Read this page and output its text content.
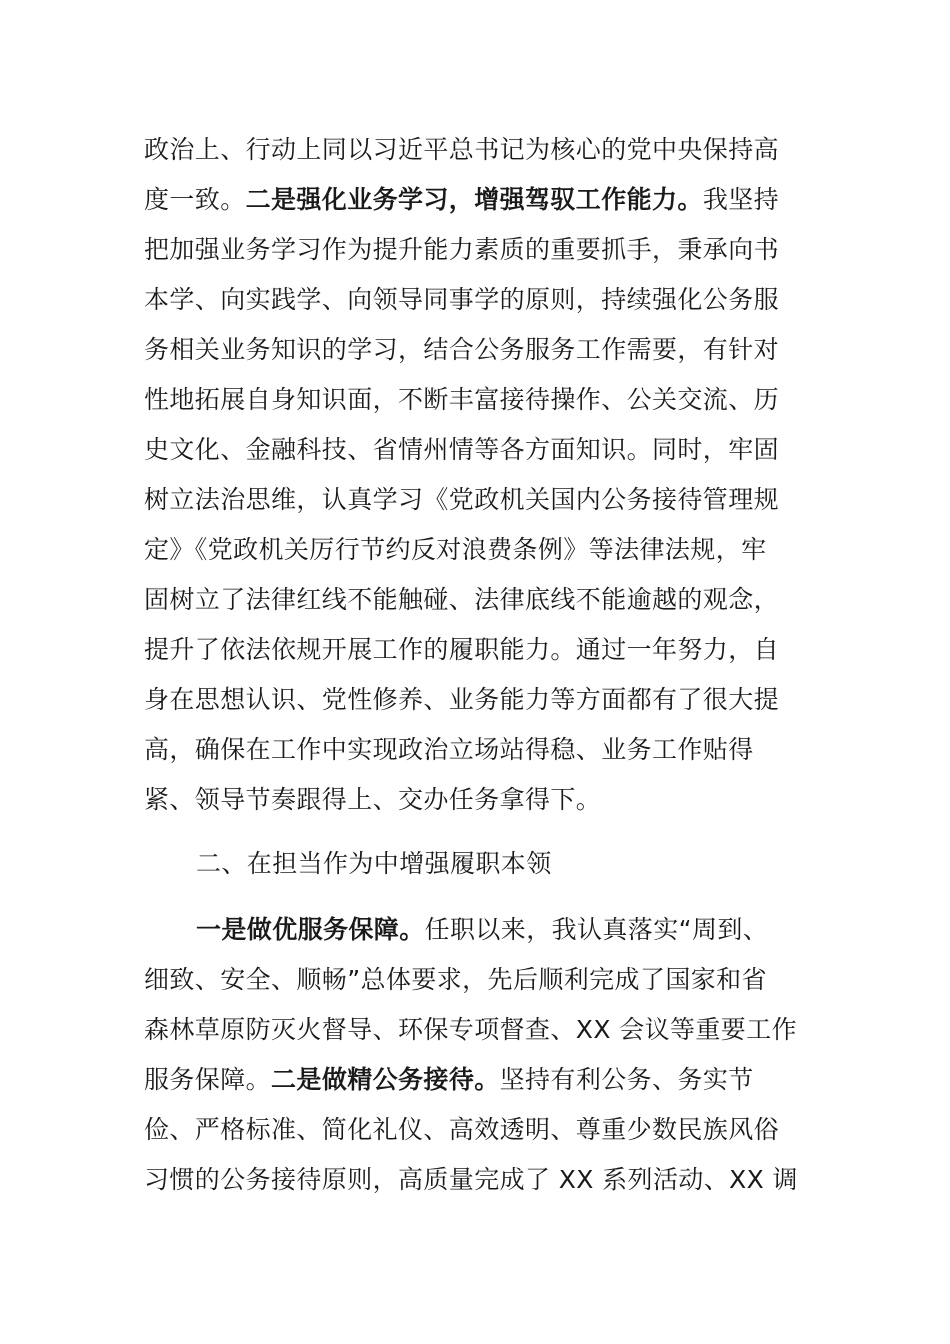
政治上、行动上同以习近平总书记为核心的党中央保持高
度一致。二是强化业务学习，增强驾驭工作能力。我坚持
把加强业务学习作为提升能力素质的重要抓手，秉承向书
本学、向实践学、向领导同事学的原则，持续强化公务服
务相关业务知识的学习，结合公务服务工作需要，有针对
性地拓展自身知识面，不断丰富接待操作、公关交流、历
史文化、金融科技、省情州情等各方面知识。同时，牢固
树立法治思维，认真学习《党政机关国内公务接待管理规
定》《党政机关厉行节约反对浪费条例》等法律法规，牢
固树立了法律红线不能触碰、法律底线不能逾越的观念，
提升了依法依规开展工作的履职能力。通过一年努力，自
身在思想认识、党性修养、业务能力等方面都有了很大提
高，确保在工作中实现政治立场站得稳、业务工作贴得
紧、领导节奏跟得上、交办任务拿得下。
二、在担当作为中增强履职本领
一是做优服务保障。任职以来，我认真落实“周到、
细致、安全、顺畅”总体要求，先后顺利完成了国家和省
森林草原防灭火督导、环保专项督查、XX 会议等重要工作
服务保障。二是做精公务接待。坚持有利公务、务实节
俭、严格标准、简化礼仪、高效透明、尊重少数民族风俗
习惯的公务接待原则，高质量完成了 XX 系列活动、XX 调
